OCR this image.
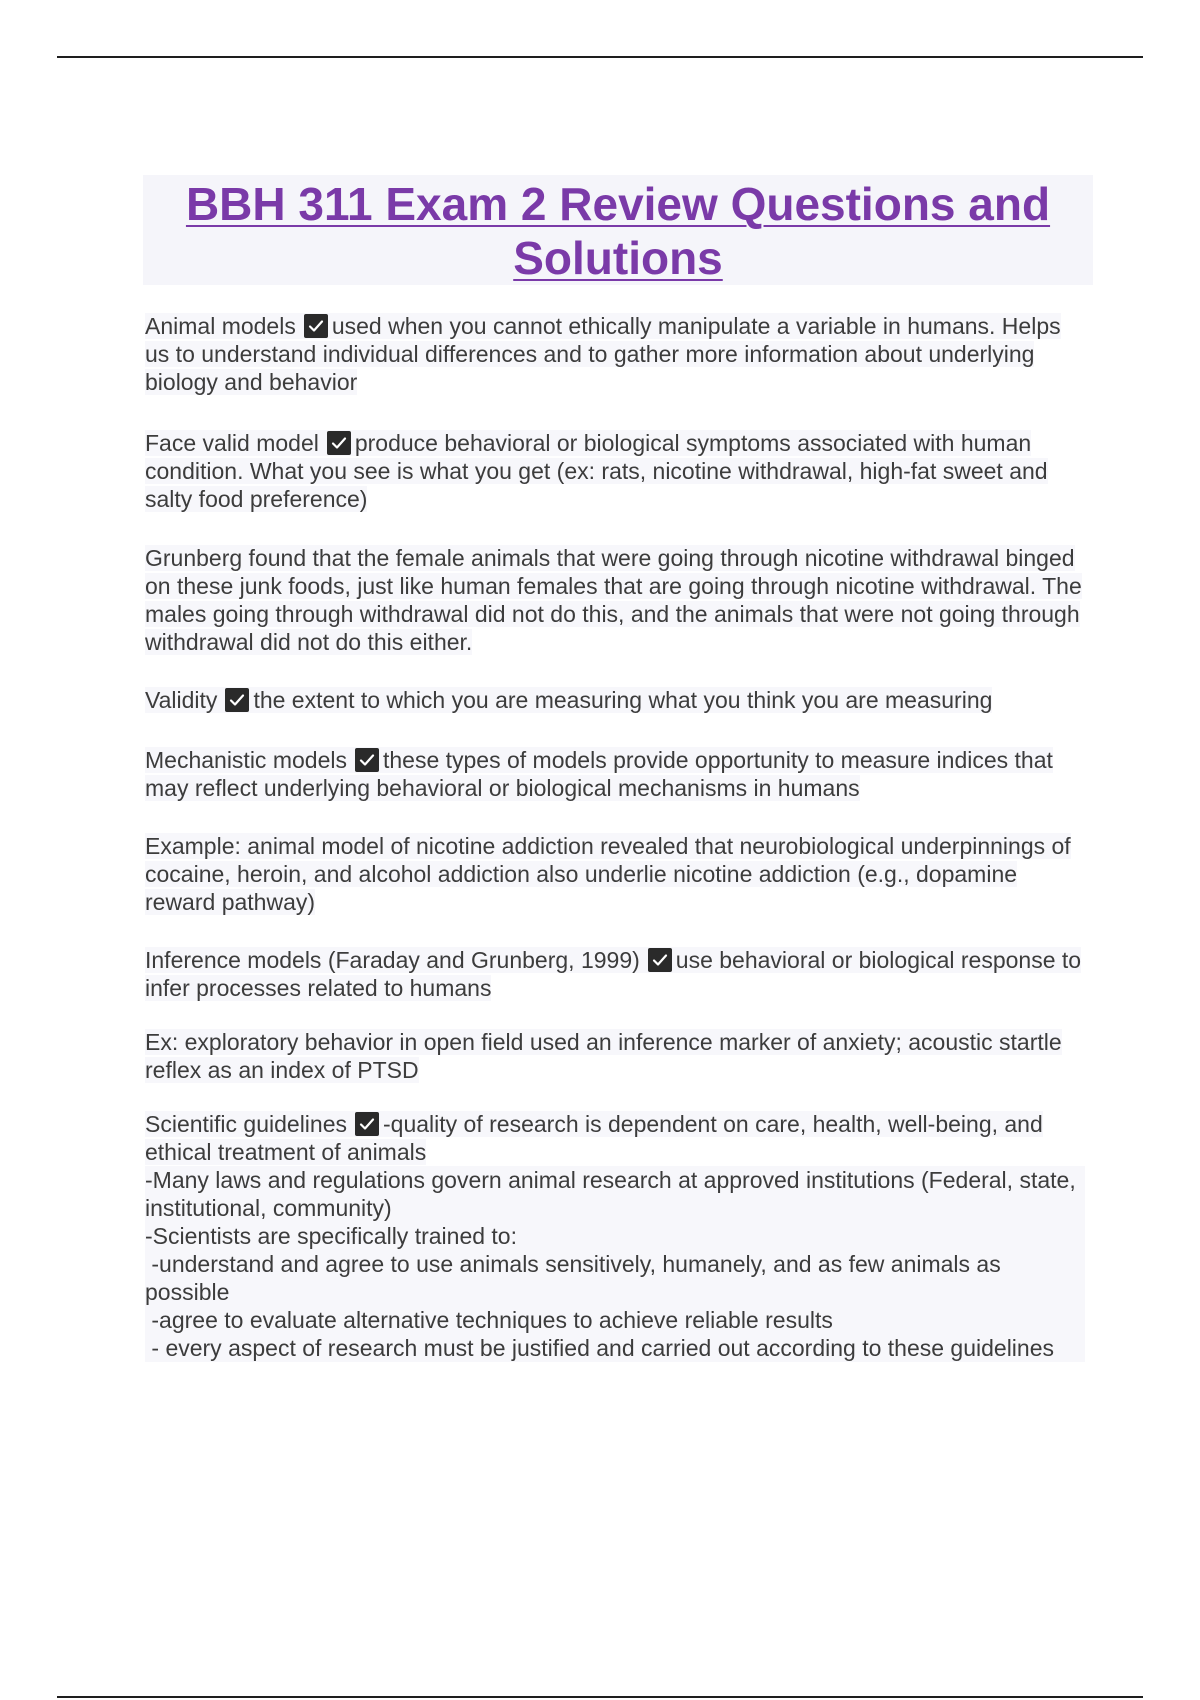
BBH 311 Exam 2 Review Questions and Solutions
Animal models used when you cannot ethically manipulate a variable in humans. Helps us to understand individual differences and to gather more information about underlying biology and behavior
Face valid model produce behavioral or biological symptoms associated with human condition. What you see is what you get (ex: rats, nicotine withdrawal, high-fat sweet and salty food preference)
Grunberg found that the female animals that were going through nicotine withdrawal binged on these junk foods, just like human females that are going through nicotine withdrawal. The males going through withdrawal did not do this, and the animals that were not going through withdrawal did not do this either.
Validity the extent to which you are measuring what you think you are measuring
Mechanistic models these types of models provide opportunity to measure indices that may reflect underlying behavioral or biological mechanisms in humans
Example: animal model of nicotine addiction revealed that neurobiological underpinnings of cocaine, heroin, and alcohol addiction also underlie nicotine addiction (e.g., dopamine reward pathway)
Inference models (Faraday and Grunberg, 1999) use behavioral or biological response to infer processes related to humans
Ex: exploratory behavior in open field used an inference marker of anxiety; acoustic startle reflex as an index of PTSD
Scientific guidelines -quality of research is dependent on care, health, well-being, and ethical treatment of animals
-Many laws and regulations govern animal research at approved institutions (Federal, state, institutional, community)
-Scientists are specifically trained to:
-understand and agree to use animals sensitively, humanely, and as few animals as possible
-agree to evaluate alternative techniques to achieve reliable results
- every aspect of research must be justified and carried out according to these guidelines
